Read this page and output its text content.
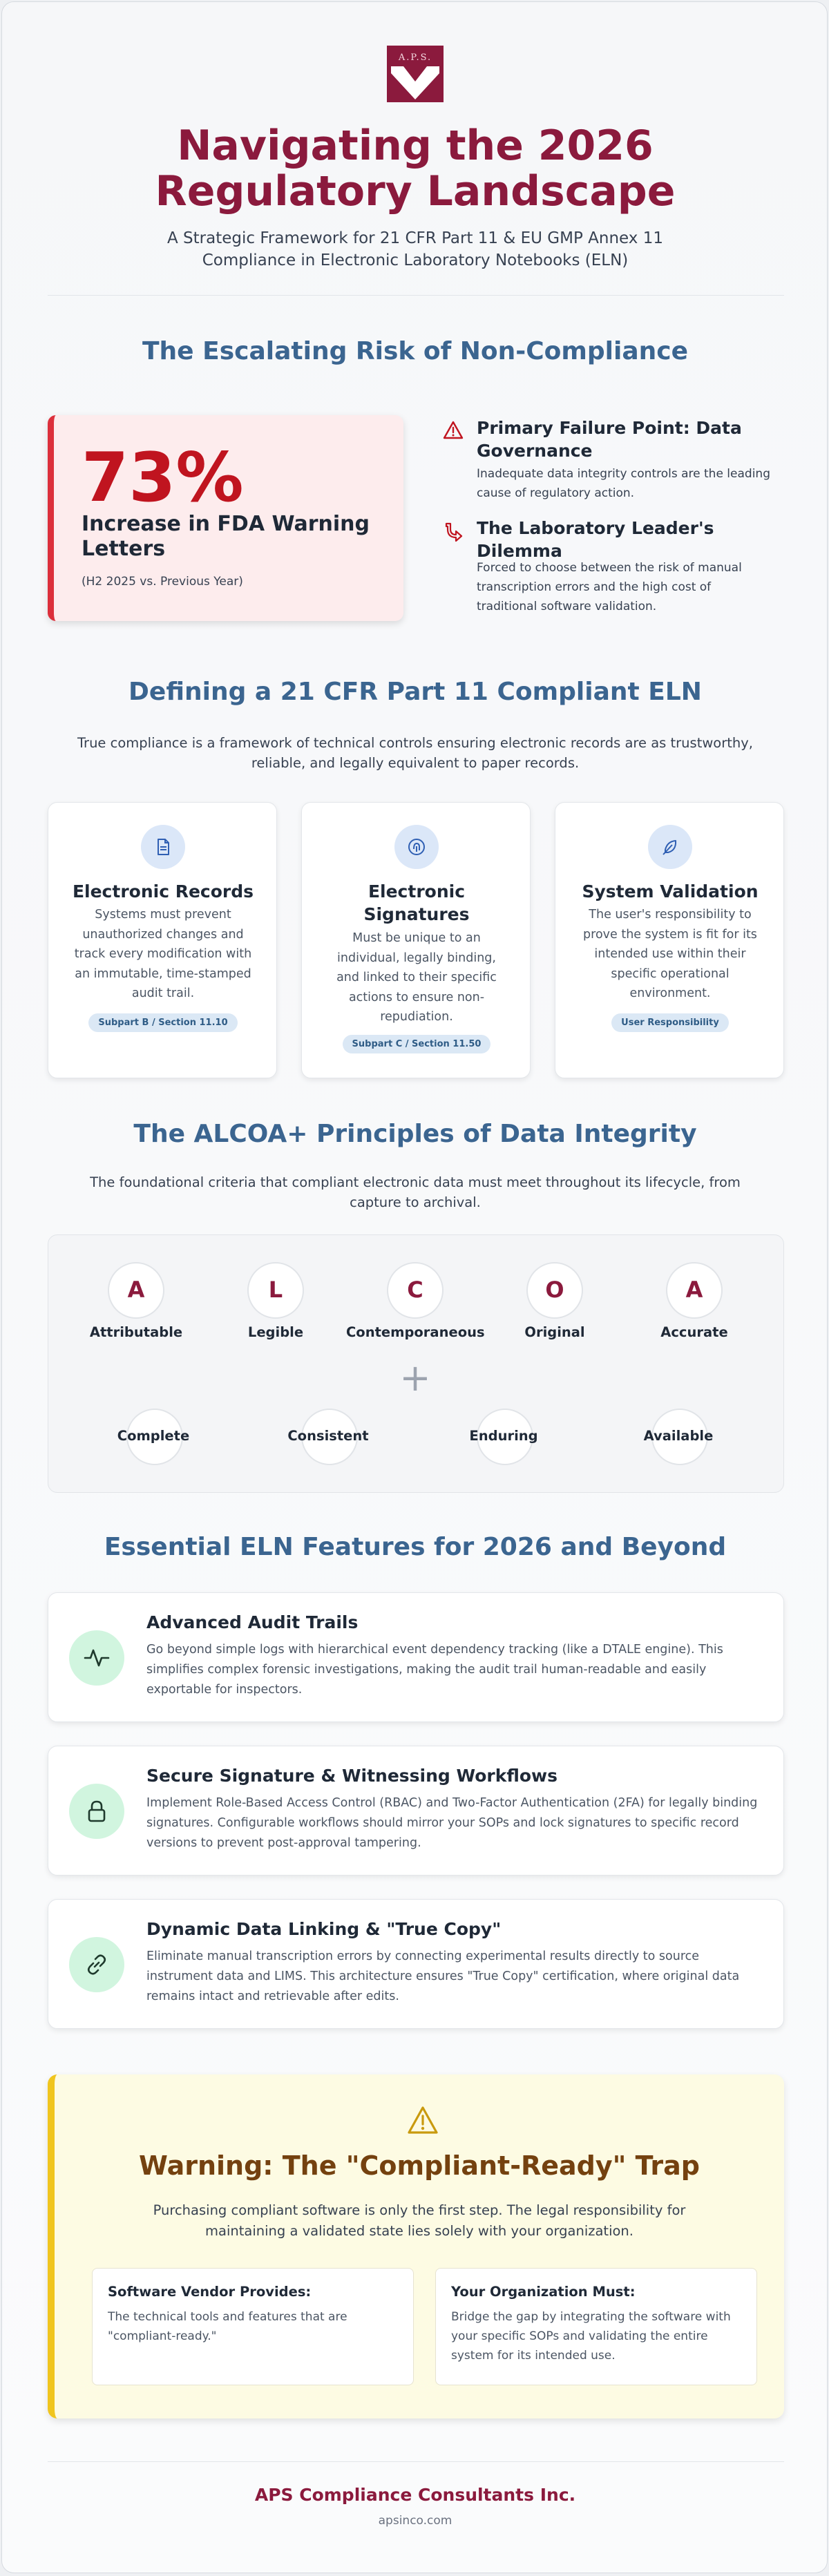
A.P.S.
Navigating the 2026
Regulatory Landscape
A Strategic Framework for 21 CFR Part 11 & EU GMP Annex 11 Compliance in Electronic Laboratory Notebooks (ELN)
The Escalating Risk of Non-Compliance
73%
Increase in FDA Warning Letters
(H2 2025 vs. Previous Year)
Primary Failure Point: Data Governance
Inadequate data integrity controls are the leading cause of regulatory action.
The Laboratory Leader's Dilemma
Forced to choose between the risk of manual transcription errors and the high cost of traditional software validation.
Defining a 21 CFR Part 11 Compliant ELN
True compliance is a framework of technical controls ensuring electronic records are as trustworthy, reliable, and legally equivalent to paper records.
Electronic Records
Systems must prevent unauthorized changes and track every modification with an immutable, time-stamped audit trail.
Subpart B / Section 11.10
Electronic Signatures
Must be unique to an individual, legally binding, and linked to their specific actions to ensure non-repudiation.
Subpart C / Section 11.50
System Validation
The user's responsibility to prove the system is fit for its intended use within their specific operational environment.
User Responsibility
The ALCOA+ Principles of Data Integrity
The foundational criteria that compliant electronic data must meet throughout its lifecycle, from capture to archival.
A
Attributable
L
Legible
C
Contemporaneous
O
Original
A
Accurate
+
Complete	Consistent	Enduring	Available
Essential ELN Features for 2026 and Beyond
Advanced Audit Trails
Go beyond simple logs with hierarchical event dependency tracking (like a DTALE engine). This simplifies complex forensic investigations, making the audit trail human-readable and easily exportable for inspectors.
Secure Signature & Witnessing Workflows
Implement Role-Based Access Control (RBAC) and Two-Factor Authentication (2FA) for legally binding signatures. Configurable workflows should mirror your SOPs and lock signatures to specific record versions to prevent post-approval tampering.
Dynamic Data Linking & "True Copy"
Eliminate manual transcription errors by connecting experimental results directly to source instrument data and LIMS. This architecture ensures "True Copy" certification, where original data remains intact and retrievable after edits.
Warning: The "Compliant-Ready" Trap
Purchasing compliant software is only the first step. The legal responsibility for maintaining a validated state lies solely with your organization.
Software Vendor Provides:
The technical tools and features that are "compliant-ready."
Your Organization Must:
Bridge the gap by integrating the software with your specific SOPs and validating the entire system for its intended use.
APS Compliance Consultants Inc.
apsinco.com
